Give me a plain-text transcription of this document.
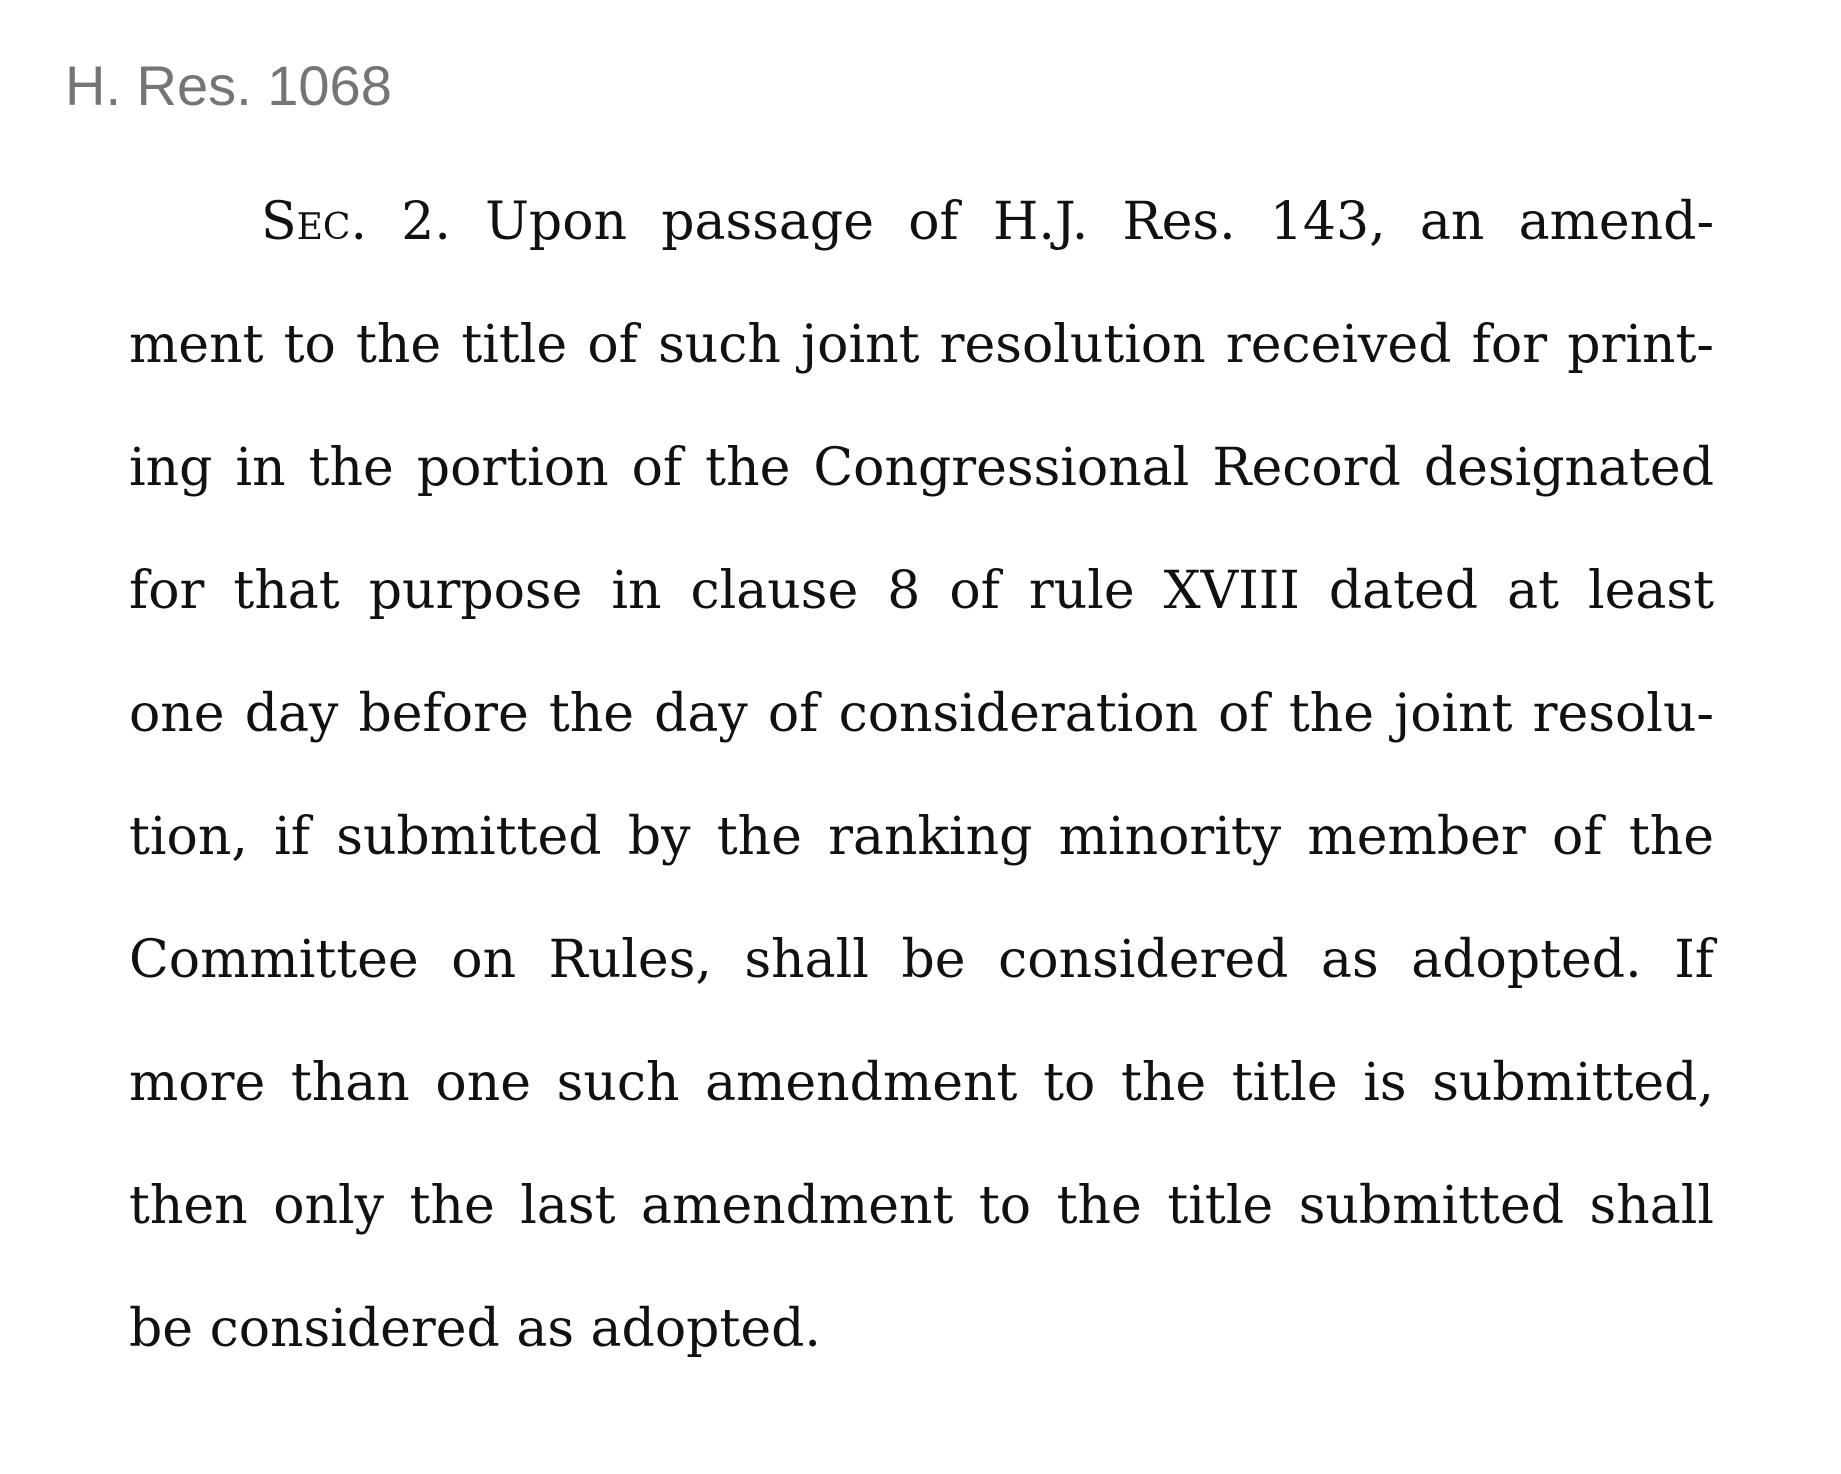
H. Res. 1068
Sec. 2. Upon passage of H.J. Res. 143, an amend-
ment to the title of such joint resolution received for print-
ing in the portion of the Congressional Record designated
for that purpose in clause 8 of rule XVIII dated at least
one day before the day of consideration of the joint resolu-
tion, if submitted by the ranking minority member of the
Committee on Rules, shall be considered as adopted. If
more than one such amendment to the title is submitted,
then only the last amendment to the title submitted shall
be considered as adopted.
